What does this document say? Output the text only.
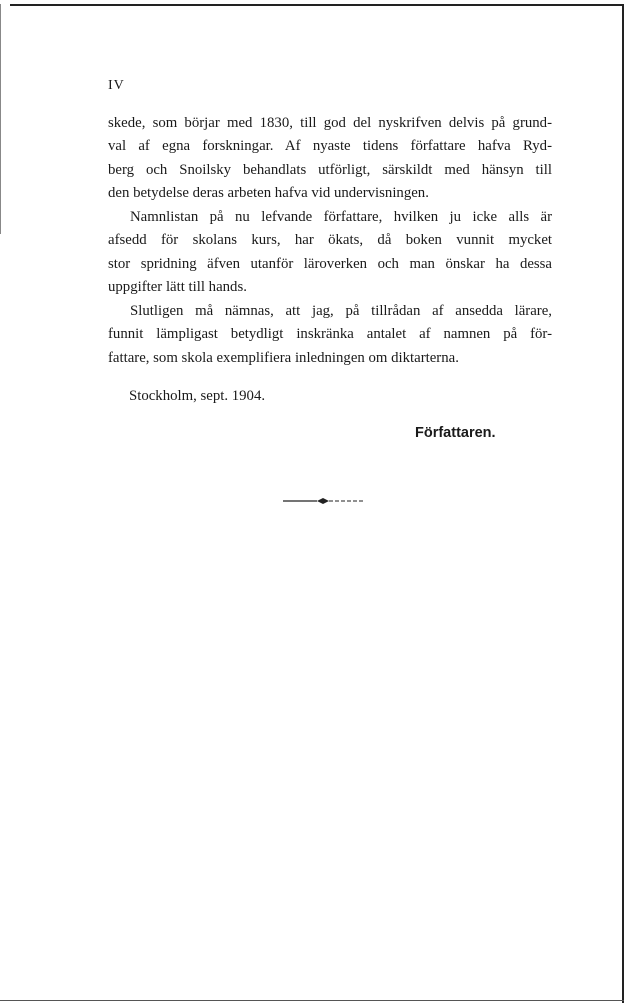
IV

skede, som börjar med 1830, till god del nyskrifven delvis på grund-
val af egna forskningar. Af nyaste tidens författare hafva Ryd-
berg och Snoilsky behandlats utförligt, särskildt med hänsyn till
den betydelse deras arbeten hafva vid undervisningen.

Namnlistan på nu lefvande författare, hvilken ju icke alls är
afsedd för skolans kurs, har ökats, då boken vunnit mycket
stor spridning äfven utanför läroverken och man önskar ha dessa
uppgifter lätt till hands.

Slutligen må nämnas, att jag, på tillrådan af ansedda lärare,
funnit lämpligast betydligt inskränka antalet af namnen på för-
fattare, som skola exemplifiera inledningen om diktarterna.

Stockholm, sept. 1904.
Författaren.
